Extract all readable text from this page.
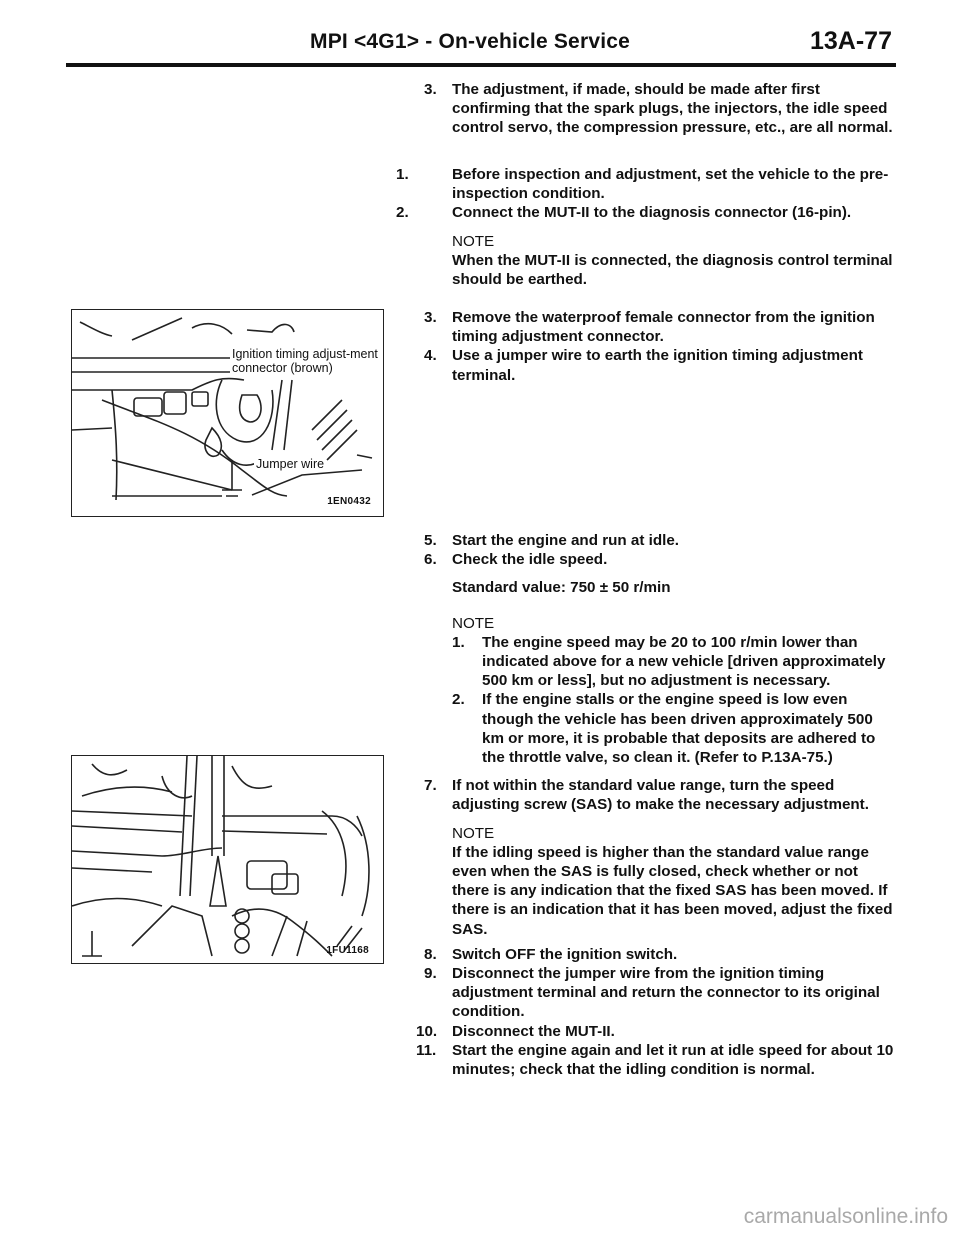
MPI <4G1> - On-vehicle Service	13A-77
3. The adjustment, if made, should be made after first confirming that the spark plugs, the injectors, the idle speed control servo, the compression pressure, etc., are all normal.
1.	Before inspection and adjustment, set the vehicle to the pre-inspection condition.
2.	Connect the MUT-II to the diagnosis connector (16-pin).
NOTE
When the MUT-II is connected, the diagnosis control terminal should be earthed.
3. Remove the waterproof female connector from the ignition timing adjustment connector.
4. Use a jumper wire to earth the ignition timing adjustment terminal.
Ignition timing adjust-ment connector (brown)
Jumper wire
1EN0432
5. Start the engine and run at idle.
6. Check the idle speed.
Standard value: 750 ± 50 r/min
NOTE
1. The engine speed may be 20 to 100 r/min lower than indicated above for a new vehicle [driven approximately 500 km or less], but no adjustment is necessary.
2. If the engine stalls or the engine speed is low even though the vehicle has been driven approximately 500 km or more, it is probable that deposits are adhered to the throttle valve, so clean it. (Refer to P.13A-75.)
7. If not within the standard value range, turn the speed adjusting screw (SAS) to make the necessary adjustment.
NOTE
If the idling speed is higher than the standard value range even when the SAS is fully closed, check whether or not there is any indication that the fixed SAS has been moved. If there is an indication that it has been moved, adjust the fixed SAS.
8. Switch OFF the ignition switch.
9. Disconnect the jumper wire from the ignition timing adjustment terminal and return the connector to its original condition.
10. Disconnect the MUT-II.
11. Start the engine again and let it run at idle speed for about 10 minutes; check that the idling condition is normal.
1FU1168
carmanualsonline.info
